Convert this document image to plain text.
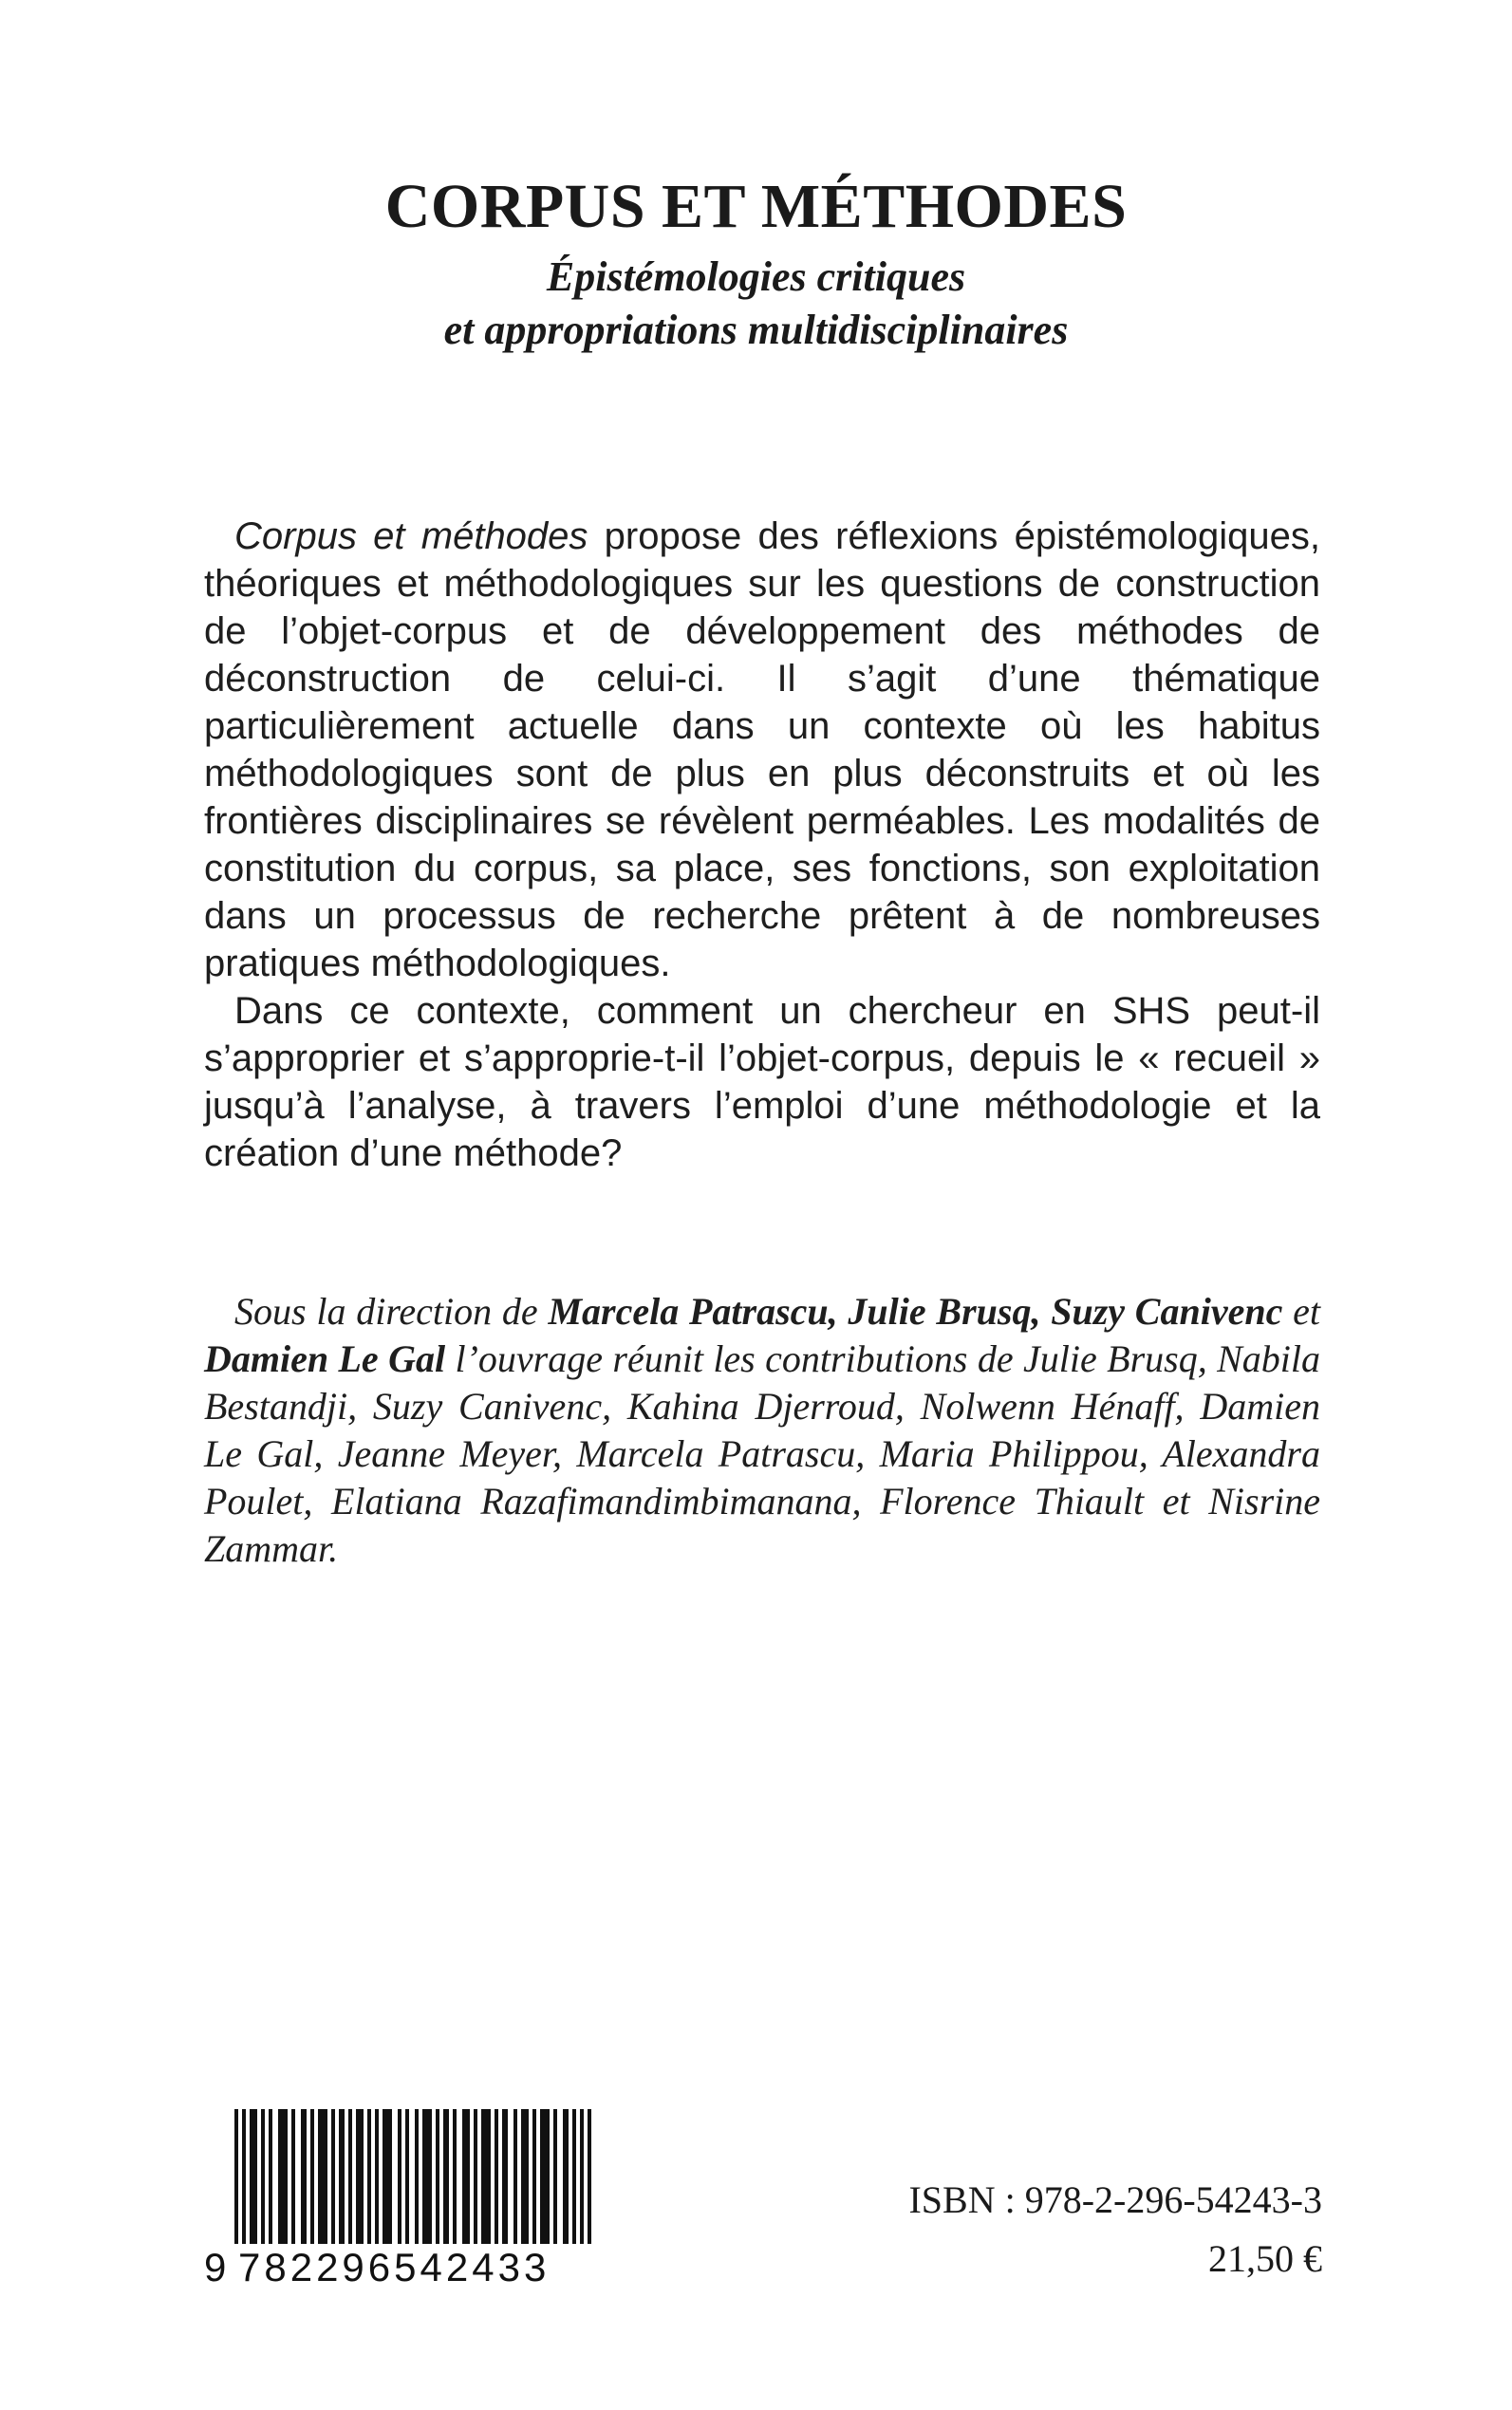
CORPUS ET MÉTHODES
Épistémologies critiques
et appropriations multidisciplinaires

Corpus et méthodes propose des réflexions épistémologiques, théoriques et méthodologiques sur les questions de construction de l’objet-corpus et de développement des méthodes de déconstruction de celui-ci. Il s’agit d’une thématique particulièrement actuelle dans un contexte où les habitus méthodologiques sont de plus en plus déconstruits et où les frontières disciplinaires se révèlent perméables. Les modalités de constitution du corpus, sa place, ses fonctions, son exploitation dans un processus de recherche prêtent à de nombreuses pratiques méthodologiques.

Dans ce contexte, comment un chercheur en SHS peut-il s’approprier et s’approprie-t-il l’objet-corpus, depuis le « recueil » jusqu’à l’analyse, à travers l’emploi d’une méthodologie et la création d’une méthode?

Sous la direction de Marcela Patrascu, Julie Brusq, Suzy Canivenc et Damien Le Gal l’ouvrage réunit les contributions de Julie Brusq, Nabila Bestandji, Suzy Canivenc, Kahina Djerroud, Nolwenn Hénaff, Damien Le Gal, Jeanne Meyer, Marcela Patrascu, Maria Philippou, Alexandra Poulet, Elatiana Razafimandimbimanana, Florence Thiault et Nisrine Zammar.

9 782296542433
ISBN : 978-2-296-54243-3
21,50 €
